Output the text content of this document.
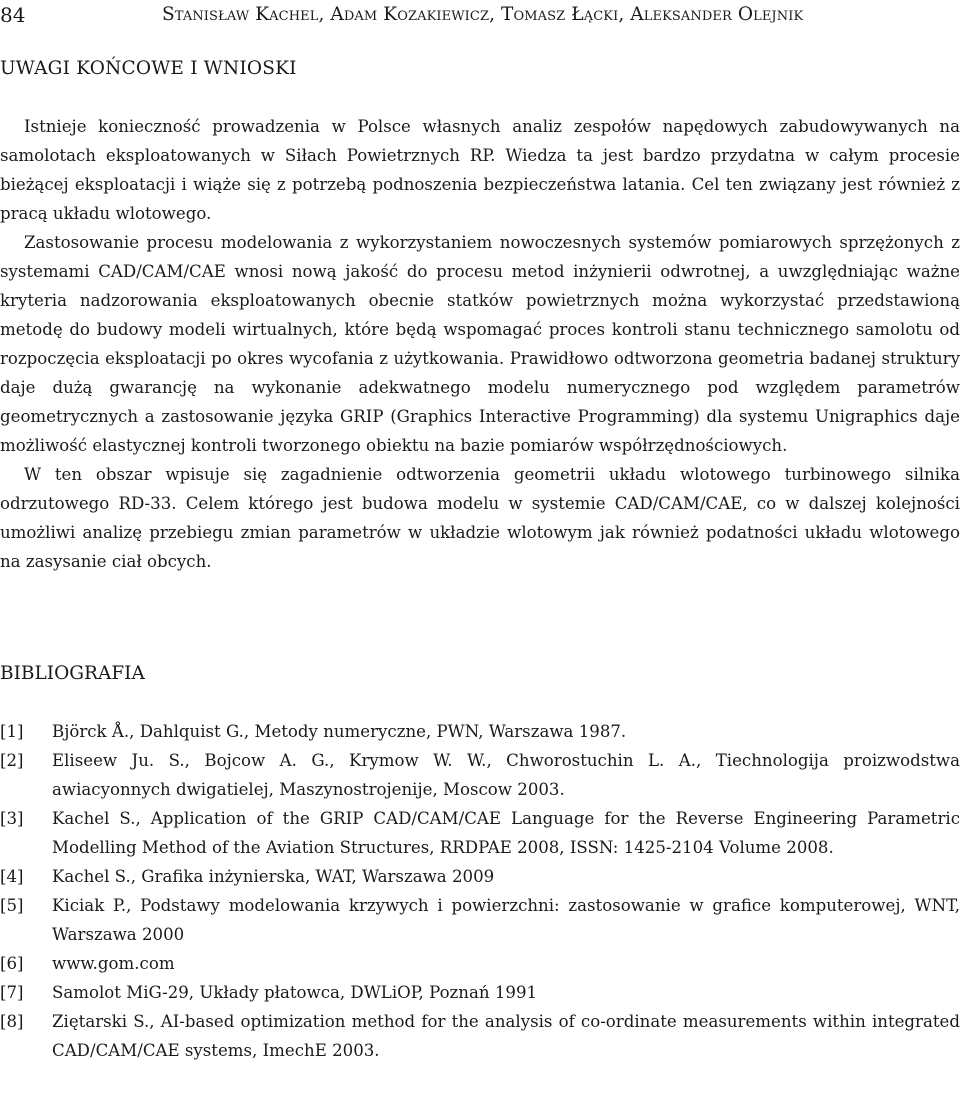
84	Stanisław Kachel, Adam Kozakiewicz, Tomasz Łącki, Aleksander Olejnik
UWAGI KOŃCOWE I WNIOSKI

Istnieje konieczność prowadzenia w Polsce własnych analiz zespołów napędowych zabudowywanych na samolotach eksploatowanych w Siłach Powietrznych RP. Wiedza ta jest bardzo przydatna w całym procesie bieżącej eksploatacji i wiąże się z potrzebą podnoszenia bezpieczeństwa latania. Cel ten związany jest również z pracą układu wlotowego.

Zastosowanie procesu modelowania z wykorzystaniem nowoczesnych systemów pomiarowych sprzężonych z systemami CAD/CAM/CAE wnosi nową jakość do procesu metod inżynierii odwrotnej, a uwzględniając ważne kryteria nadzorowania eksploatowanych obecnie statków powietrznych można wykorzystać przedstawioną metodę do budowy modeli wirtualnych, które będą wspomagać proces kontroli stanu technicznego samolotu od rozpoczęcia eksploatacji po okres wycofania z użytkowania. Prawidłowo odtworzona geometria badanej struktury daje dużą gwarancję na wykonanie adekwatnego modelu numerycznego pod względem parametrów geometrycznych a zastosowanie języka GRIP (Graphics Interactive Programming) dla systemu Unigraphics daje możliwość elastycznej kontroli tworzonego obiektu na bazie pomiarów współrzędnościowych.

W ten obszar wpisuje się zagadnienie odtworzenia geometrii układu wlotowego turbinowego silnika odrzutowego RD-33. Celem którego jest budowa modelu w systemie CAD/CAM/CAE, co w dalszej kolejności umożliwi analizę przebiegu zmian parametrów w układzie wlotowym jak również podatności układu wlotowego na zasysanie ciał obcych.

BIBLIOGRAFIA
[1] Björck Å., Dahlquist G., Metody numeryczne, PWN, Warszawa 1987.
[2] Eliseew Ju. S., Bojcow A. G., Krymow W. W., Chworostuchin L. A., Tiechnologija proizwodstwa awiacyonnych dwigatielej, Maszynostrojenije, Moscow 2003.
[3] Kachel S., Application of the GRIP CAD/CAM/CAE Language for the Reverse Engineering Parametric Modelling Method of the Aviation Structures, RRDPAE 2008, ISSN: 1425-2104 Volume 2008.
[4] Kachel S., Grafika inżynierska, WAT, Warszawa 2009
[5] Kiciak P., Podstawy modelowania krzywych i powierzchni: zastosowanie w grafice komputerowej, WNT, Warszawa 2000
[6] www.gom.com
[7] Samolot MiG-29, Układy płatowca, DWLiOP, Poznań 1991
[8] Ziętarski S., AI-based optimization method for the analysis of co-ordinate measurements within integrated CAD/CAM/CAE systems, ImechE 2003.
